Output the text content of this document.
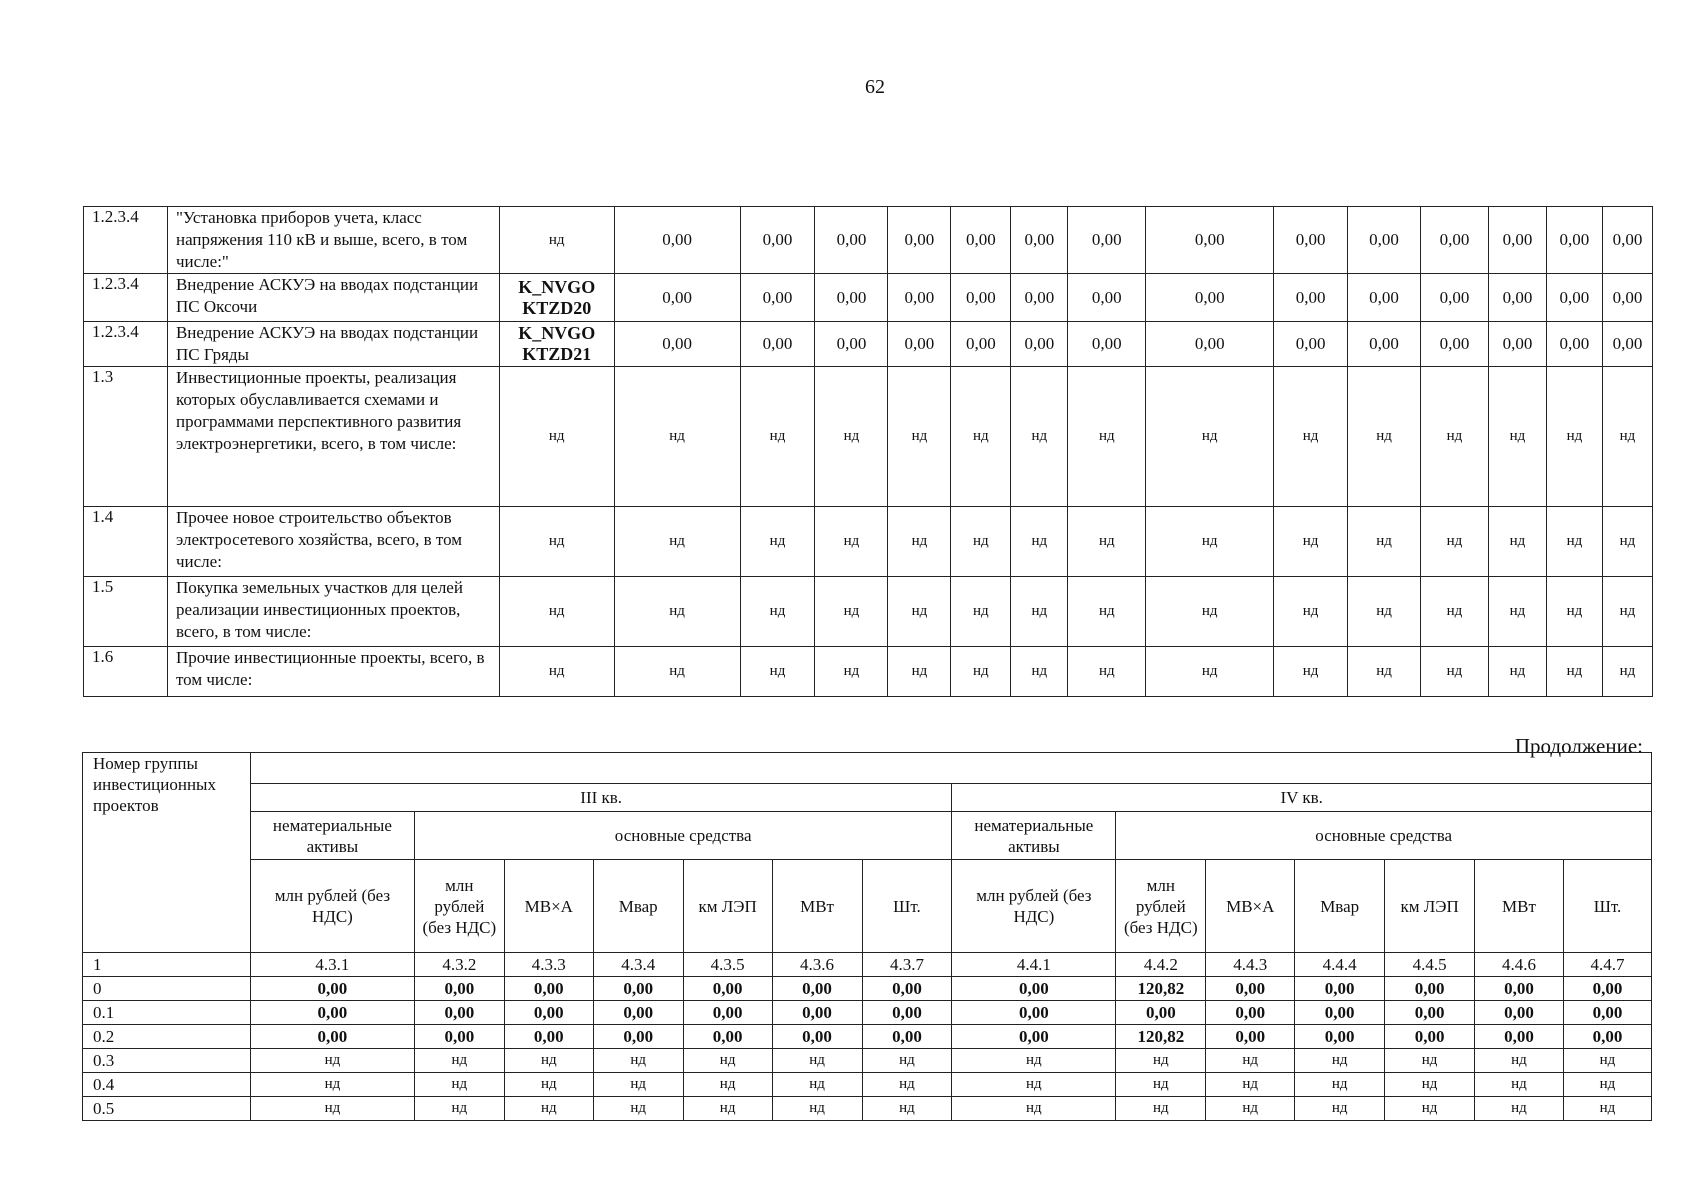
62
1.2.3.4	"Установка приборов учета, класс напряжения 110 кВ и выше, всего, в том числе:"	нд	0,00	0,00	0,00	0,00	0,00	0,00	0,00	0,00	0,00	0,00	0,00	0,00	0,00	0,00
1.2.3.4	Внедрение АСКУЭ на вводах подстанции ПС Оксочи	K_NVGO KTZD20	0,00	0,00	0,00	0,00	0,00	0,00	0,00	0,00	0,00	0,00	0,00	0,00	0,00	0,00
1.2.3.4	Внедрение АСКУЭ на вводах подстанции ПС Гряды	K_NVGO KTZD21	0,00	0,00	0,00	0,00	0,00	0,00	0,00	0,00	0,00	0,00	0,00	0,00	0,00	0,00
1.3	Инвестиционные проекты, реализация которых обуславливается схемами и программами перспективного развития электроэнергетики, всего, в том числе:	нд	нд	нд	нд	нд	нд	нд	нд	нд	нд	нд	нд	нд	нд	нд
1.4	Прочее новое строительство объектов электросетевого хозяйства, всего, в том числе:	нд	нд	нд	нд	нд	нд	нд	нд	нд	нд	нд	нд	нд	нд	нд
1.5	Покупка земельных участков для целей реализации инвестиционных проектов, всего, в том числе:	нд	нд	нд	нд	нд	нд	нд	нд	нд	нд	нд	нд	нд	нд	нд
1.6	Прочие инвестиционные проекты, всего, в том числе:	нд	нд	нд	нд	нд	нд	нд	нд	нд	нд	нд	нд	нд	нд	нд
Продолжение:
Номер группы инвестиционных проектов														
	III кв.							IV кв.						
	нематериальные активы	основные средства						нематериальные активы	основные средства					
	млн рублей (без НДС)	млн рублей (без НДС)	МВ×А	Мвар	км ЛЭП	МВт	Шт.	млн рублей (без НДС)	млн рублей (без НДС)	МВ×А	Мвар	км ЛЭП	МВт	Шт.
1	4.3.1	4.3.2	4.3.3	4.3.4	4.3.5	4.3.6	4.3.7	4.4.1	4.4.2	4.4.3	4.4.4	4.4.5	4.4.6	4.4.7
0	0,00	0,00	0,00	0,00	0,00	0,00	0,00	0,00	120,82	0,00	0,00	0,00	0,00	0,00
0.1	0,00	0,00	0,00	0,00	0,00	0,00	0,00	0,00	0,00	0,00	0,00	0,00	0,00	0,00
0.2	0,00	0,00	0,00	0,00	0,00	0,00	0,00	0,00	120,82	0,00	0,00	0,00	0,00	0,00
0.3	нд	нд	нд	нд	нд	нд	нд	нд	нд	нд	нд	нд	нд	нд
0.4	нд	нд	нд	нд	нд	нд	нд	нд	нд	нд	нд	нд	нд	нд
0.5	нд	нд	нд	нд	нд	нд	нд	нд	нд	нд	нд	нд	нд	нд
